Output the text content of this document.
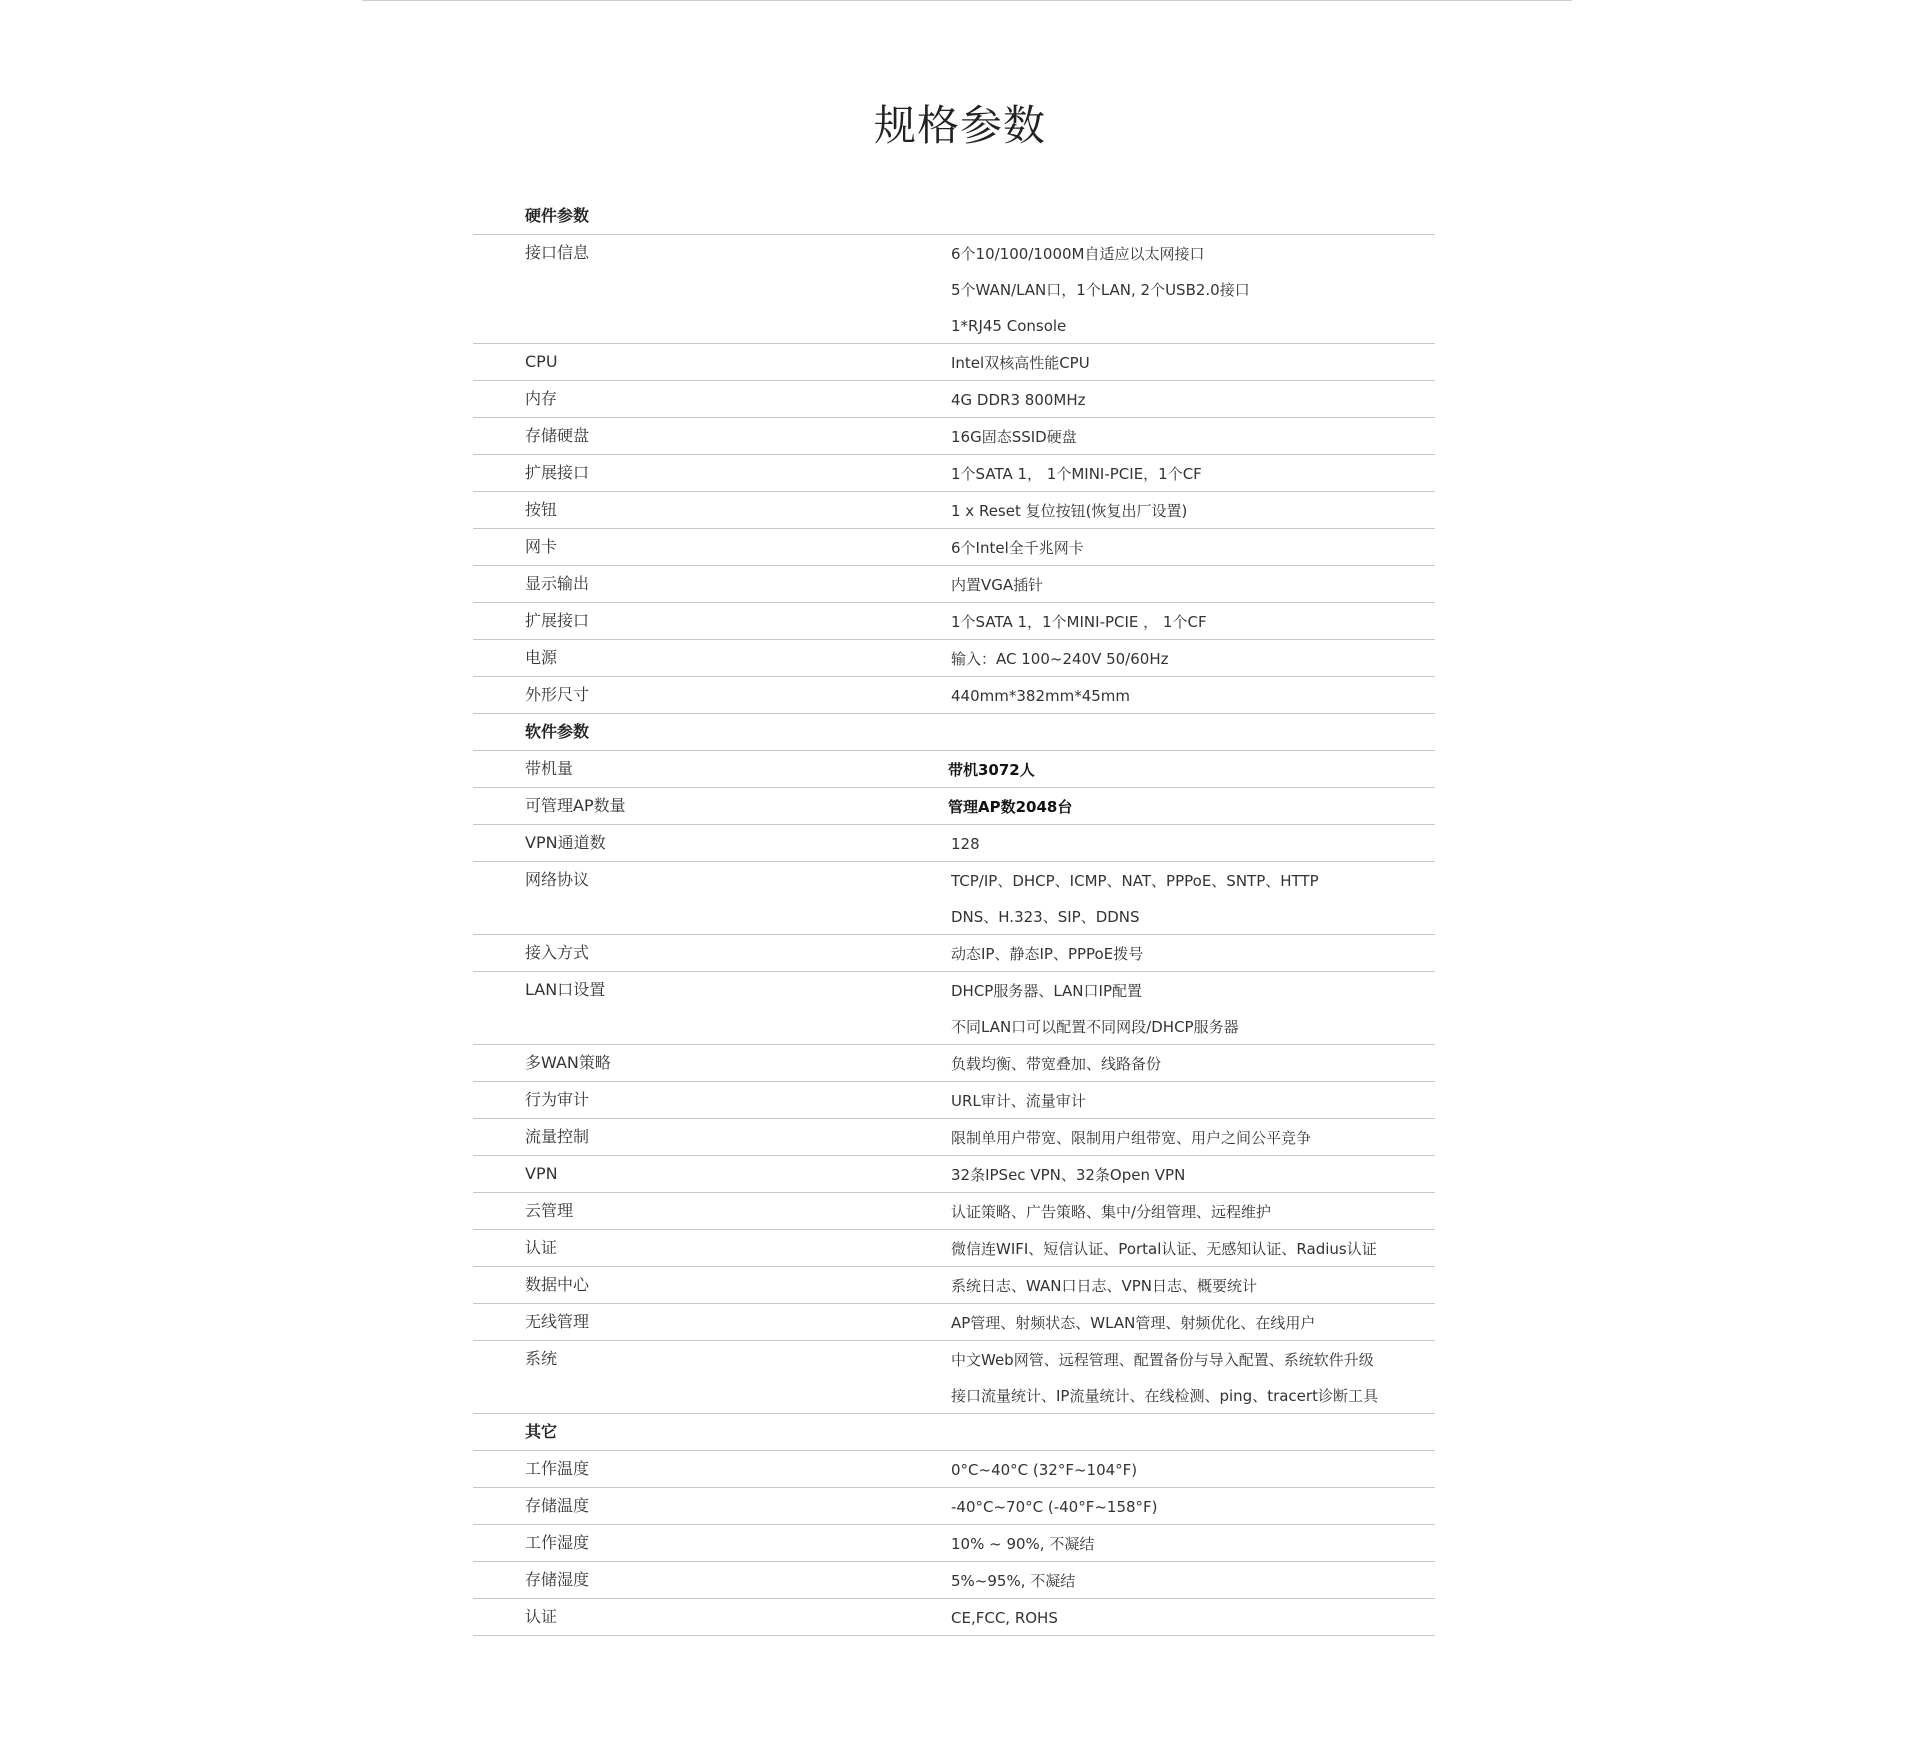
规格参数
硬件参数
接口信息	6个10/100/1000M自适应以太网接口
5个WAN/LAN口，1个LAN, 2个USB2.0接口
1*RJ45 Console
CPU	Intel双核高性能CPU
内存	4G DDR3 800MHz
存储硬盘	16G固态SSID硬盘
扩展接口	1个SATA 1， 1个MINI-PCIE，1个CF
按钮	1 x Reset 复位按钮(恢复出厂设置)
网卡	6个Intel全千兆网卡
显示输出	内置VGA插针
扩展接口	1个SATA 1，1个MINI-PCIE ， 1个CF
电源	输入：AC 100~240V 50/60Hz
外形尺寸	440mm*382mm*45mm
软件参数
带机量	带机3072人
可管理AP数量	管理AP数2048台
VPN通道数	128
网络协议	TCP/IP、DHCP、ICMP、NAT、PPPoE、SNTP、HTTP
DNS、H.323、SIP、DDNS
接入方式	动态IP、静态IP、PPPoE拨号
LAN口设置	DHCP服务器、LAN口IP配置
不同LAN口可以配置不同网段/DHCP服务器
多WAN策略	负载均衡、带宽叠加、线路备份
行为审计	URL审计、流量审计
流量控制	限制单用户带宽、限制用户组带宽、用户之间公平竞争
VPN	32条IPSec VPN、32条Open VPN
云管理	认证策略、广告策略、集中/分组管理、远程维护
认证	微信连WIFI、短信认证、Portal认证、无感知认证、Radius认证
数据中心	系统日志、WAN口日志、VPN日志、概要统计
无线管理	AP管理、射频状态、WLAN管理、射频优化、在线用户
系统	中文Web网管、远程管理、配置备份与导入配置、系统软件升级
接口流量统计、IP流量统计、在线检测、ping、tracert诊断工具
其它
工作温度	0°C~40°C (32°F~104°F)
存储温度	-40°C~70°C (-40°F~158°F)
工作湿度	10% ~ 90%, 不凝结
存储湿度	5%~95%, 不凝结
认证	CE,FCC, ROHS
